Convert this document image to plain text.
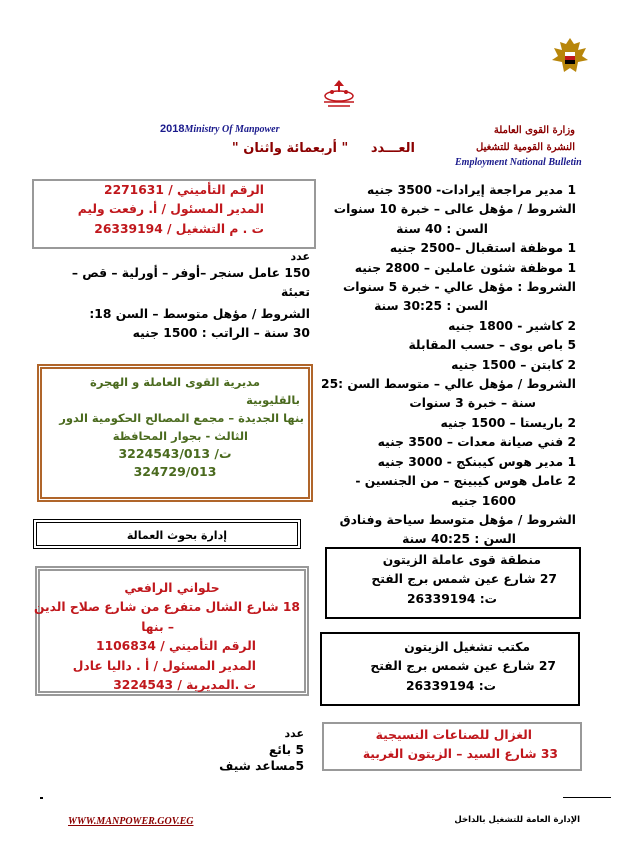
وزارة القوى العاملة
النشرة القومية للتشغيل
Employment National Bulletin
2018Ministry Of Manpower
العـــدد " أربعمائة واثنان "
1 مدير مراجعة إيرادات- 3500 جنيه
الشروط / مؤهل عالى – خبرة 10 سنوات
السن : 40 سنة
1 موظفة استقبال –2500 جنيه
1 موظفة شئون عاملين – 2800 جنيه
الشروط : مؤهل عالي - خبرة 5 سنوات
السن : 30:25 سنة
2 كاشير - 1800 جنيه
5 باص بوى – حسب المقابلة
2 كابتن – 1500 جنيه
الشروط / مؤهل عالي – متوسط السن :25
سنة – خبرة 3 سنوات
2 باريستا – 1500 جنيه
2 فني صيانة معدات – 3500 جنيه
1 مدير هوس كيبنكج - 3000 جنيه
2 عامل هوس كيبينج – من الجنسين -
1600 جنيه
الشروط / مؤهل متوسط سياحة وفنادق
السن : 40:25 سنة
منطقة قوى عاملة الزيتون
27 شارع عين شمس برج الفتح
ت: 26339194
مكتب تشغيل الزيتون
27 شارع عين شمس برج الفتح
ت: 26339194
الغزال للصناعات النسيجية
33 شارع السيد – الزيتون الغربية
الرقم التأميني / 2271631
المدير المسئول / أ. رفعت وليم
ت . م التشغيل / 26339194
عدد
150 عامل سنجر –أوفر – أورلية – قص –
تعبئة
الشروط / مؤهل متوسط – السن 18:
30 سنة – الراتب : 1500 جنيه
مديرية القوى العاملة و الهجرة
بالقليوبية
بنها الجديدة – مجمع المصالح الحكومية الدور
الثالث - بجوار المحافظة
ت/ 3224543/013
324729/013
إدارة بحوث العمالة
حلواني الرافعي
18 شارع الشال متفرع من شارع صلاح الدين
– بنها
الرقم التأميني / 1106834
المدير المسئول / أ . داليا عادل
ت .المديرية / 3224543
عدد
5 بائع
5مساعد شيف
WWW.MANPOWER.GOV.EG	الإدارة العامة للتشغيل بالداخل
